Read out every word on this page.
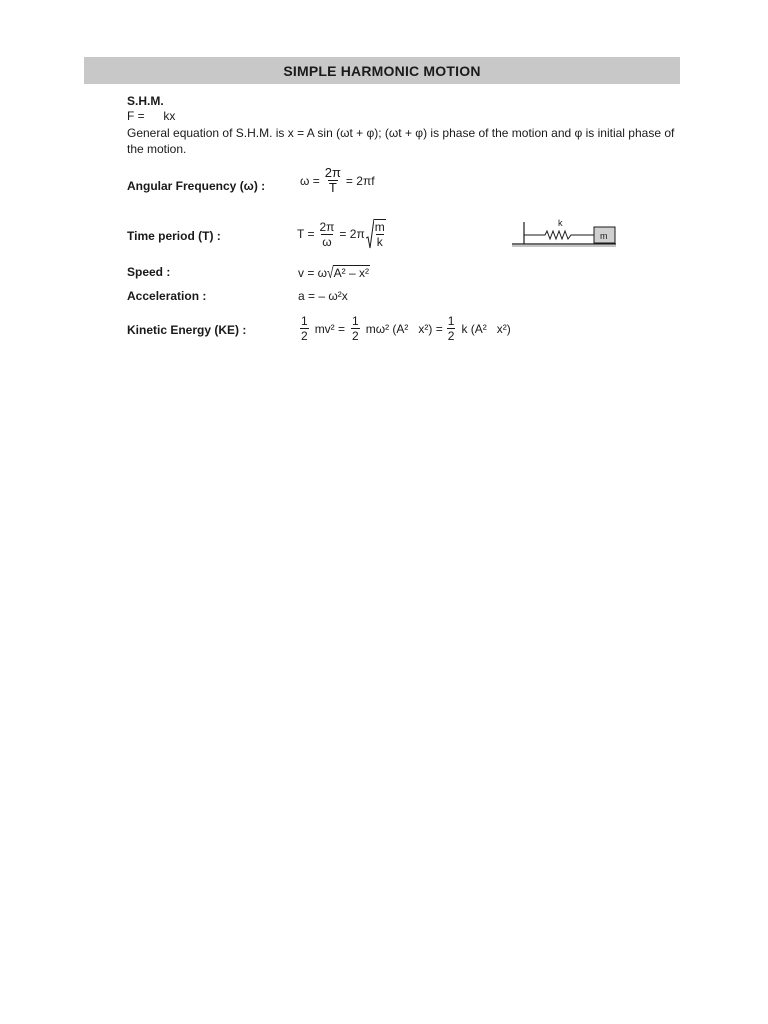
SIMPLE HARMONIC MOTION
S.H.M.
F = kx
General equation of S.H.M. is x = A sin (ωt + φ); (ωt + φ) is phase of the motion and φ is initial phase of the motion.
Angular Frequency (ω) :	$\omega = \frac{2\pi}{T} = 2\pi f$
Time period (T) :	$T = \frac{2\pi}{\omega} = 2\pi \frac{m}{k}$	k
m
Speed :	v = ω √ A² – x²
Acceleration :	a = – ω²x
Kinetic Energy (KE) :	$\frac{1}{2} mv^2 = \frac{1}{2} m\omega^2$ (A²   $x^2) = \frac{1}{2}$ k (A²   x²)
